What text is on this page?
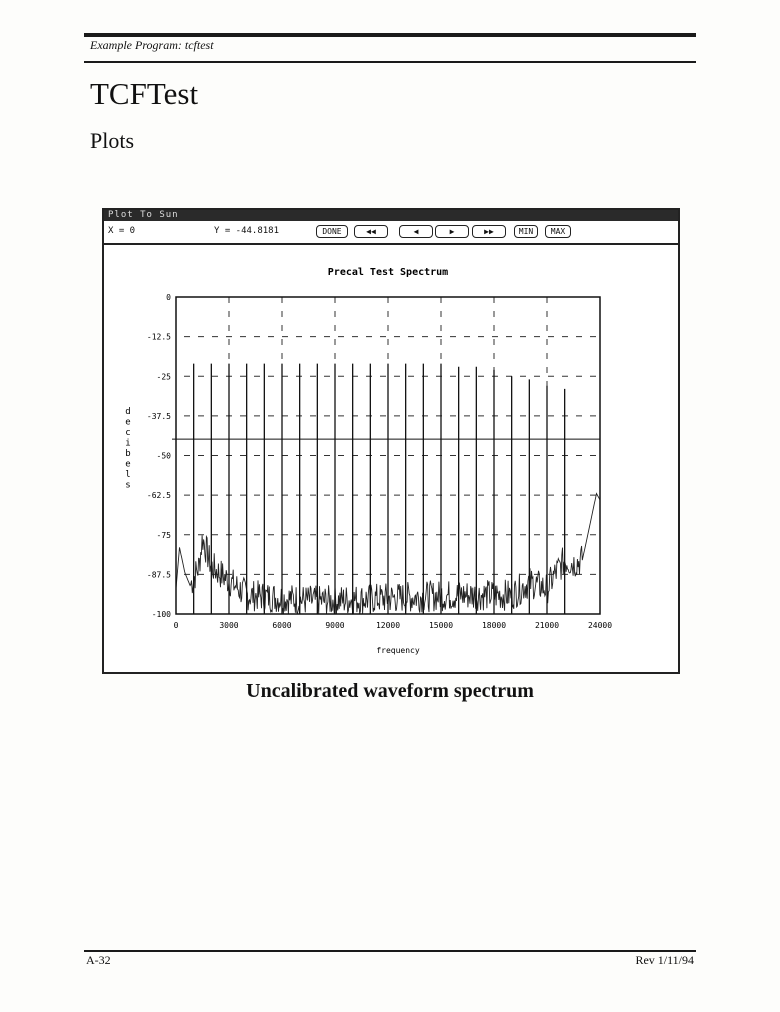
Example Program: tcftest
TCFTest
Plots
Plot To Sun
X = 0	Y = -44.8181	DONE	◀◀	◀	▶	▶▶	MIN	MAX
Precal Test Spectrum
0
-12.5
-25
-37.5
-50
-62.5
-75
-87.5
-100
0	3000	6000	9000	12000	15000	18000	21000	24000
frequency
d
e
c
i
b
e
l
s
Uncalibrated waveform spectrum
A-32	Rev 1/11/94
